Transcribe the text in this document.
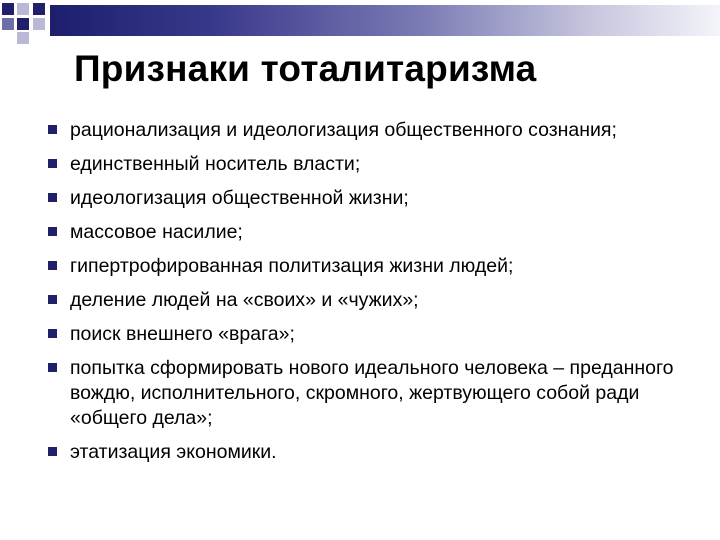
Признаки тоталитаризма
рационализация и идеологизация общественного сознания;
единственный носитель власти;
идеологизация общественной жизни;
массовое насилие;
гипертрофированная политизация жизни людей;
деление людей на «своих» и «чужих»;
поиск внешнего «врага»;
попытка сформировать нового идеального человека – преданного вождю, исполнительного, скромного, жертвующего собой ради «общего дела»;
этатизация экономики.
